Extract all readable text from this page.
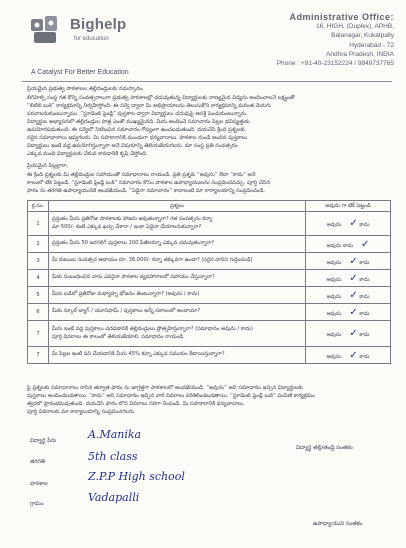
Bighelp
for education
A Catalyst For Better Education
Administrative Office:
16, HIGH, (Duplex), APHB,
Balanagar, Kukatpally
Hyderabad - 72
Andhra Pradesh, INDIA
Phone : +91-40-23152224 / 9849737765
ప్రియమైన ప్రభుత్వ పాఠశాలల తల్లిదండ్రులకు నమస్కారం,
బిగ్‌హెల్ప్ సంస్థ గత కొన్ని సంవత్సరాలుగా ప్రభుత్వ పాఠశాలల్లో చదువుతున్న విద్యార్థులకు నాణ్యమైన విద్యను అందించాలనే లక్ష్యంతో
“లిటిల్ బుక్” కార్యక్రమాన్ని నిర్వహిస్తోంది. ఈ సర్వే ద్వారా మీ అభిప్రాయాలను తెలుసుకొని కార్యక్రమాన్ని మరింత మెరుగు
పరచాలనుకుంటున్నాము. “స్టూడెంట్ ఫ్రెండ్లీ” పుస్తకాల ద్వారా విద్యార్థులు చదువుపై ఆసక్తి పెంచుకుంటున్నారు.
విద్యార్థుల అభ్యాసనలో తల్లిదండ్రుల పాత్ర ఎంతో ముఖ్యమైనది. మీరు అందించే సమాచారం పిల్లల భవిష్యత్తుకు
ఉపయోగపడుతుంది. ఈ సర్వేలో సేకరించిన సమాచారం గోప్యంగా ఉంచబడుతుంది. దయచేసి క్రింది ప్రశ్నలకు
సరైన సమాధానాలు ఇవ్వగలరు. మీ సహకారానికి ముందుగా ధన్యవాదాలు. పాఠశాల నుండి అందిన పుస్తకాలు
విద్యార్థులు ఇంటి వద్ద ఉపయోగిస్తున్నారా అనే విషయాన్ని తెలియజేయగలరు. మా సంస్థ ప్రతి సంవత్సరం
ఎక్కువ మంది విద్యార్థులకు చేరువ కావడానికి కృషి చేస్తోంది.
ప్రియమైన పిల్లల్లారా,
ఈ క్రింది ప్రశ్నలకు మీ తల్లిదండ్రుల సహాయంతో సమాధానాలు రాయండి. ప్రతి ప్రశ్నకు “అవును” లేదా “కాదు” అనే
కాలంలో టిక్ పెట్టండి. “స్టూడెంట్ ఫ్రెండ్లీ బుక్” సమాచారం కోసం పాఠశాల ఉపాధ్యాయులను సంప్రదించవచ్చు. పూర్తి చేసిన
ఫారం ను తరగతి ఉపాధ్యాయునికి అందజేయండి. “ఏదైనా సమాచారం” కావాలంటే మా కార్యాలయాన్ని సంప్రదించండి.
క్ర.సం.	ప్రశ్నలు	అవును గా టిక్ పెట్టండి
1	ప్రస్తుతం మీరు ప్రతిరోజు పాఠశాలకు హాజరు అవుతున్నారా? గత సంవత్సరం కన్నా
మా 500/- కంటే ఎక్కువ ఖర్చు చేశారా / ఇంకా ఏదైనా చేయాలనుకున్నారా?	అవును ✓ కాదు
2	ప్రస్తుతం మీరు 50 జరగలిగే పుస్తకాలు 100 పేజీలకన్నా ఎక్కువ చదువుతున్నారా?	అవును కాదు ✓
3	మీ కుటుంబ సంవత్సర ఆదాయం రూ. 36,000/- కన్నా తక్కువగా ఉందా? (సరైన దానిని గుర్తించండి)	అవును ✓ కాదు
4	మీకు సంబంధించిన వారు ఎవరైనా పాఠశాల వ్యవహారాలలో సహాయం చేస్తున్నారా?	అవును ✓ కాదు
5	మీరు బడిలో ప్రతిరోజు మధ్యాహ్న భోజనం తింటున్నారా? (అవును / కాదు)	అవును ✓ కాదు
6	మీకు స్కూల్ బ్యాగ్ / యూనిఫామ్ / పుస్తకాలు అన్నీ సకాలంలో అందాయా?	అవును ✓ కాదు
7	మీరు ఇంటి వద్ద పుస్తకాలు చదవడానికి తల్లిదండ్రులు ప్రోత్సహిస్తున్నారా? (సమాధానం అవును / కాదు)
పూర్తి వివరాలు ఈ కాలంలో తెలియజేయాలి, సమాధానం రాయండి.	అవును ✓ కాదు
7	మీ పిల్లల ఇంటి పని చేయడానికి మీరు 45% కన్నా ఎక్కువ సమయం కేటాయిస్తున్నారా?	అవును ✓ కాదు
పై ప్రశ్నలకు సమాధానాలు రాసిన తర్వాత ఫారం ను జాగ్రత్తగా పాఠశాలలో అందజేయండి. “అవును” అని సమాధానం ఇచ్చిన విద్యార్థులకు
పుస్తకాలు అందించబడతాయి. “కాదు” అని సమాధానం ఇచ్చిన వారి వివరాలు పరిశీలించబడతాయి. “స్టూడెంట్ ఫ్రెండ్లీ బుక్” పంపిణీ కార్యక్రమం
త్వరలో ప్రారంభమవుతుంది. దయచేసి ఫారం లోని వివరాలు సరిగా నింపండి. మీ సహకారానికి ధన్యవాదాలు.
పూర్తి వివరాలకు మా కార్యాలయాన్ని సంప్రదించగలరు.
విద్యార్థి పేరు	A.Manika
తరగతి	5th class
పాఠశాల
Z.P.P High school
గ్రామం	Vadapalli
విద్యార్థి తల్లి/తండ్రి సంతకం
ఉపాధ్యాయుని సంతకం
